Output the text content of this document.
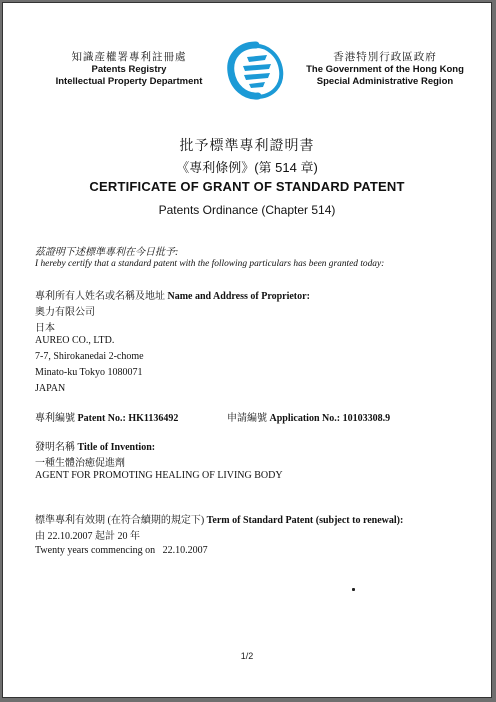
知識產權署專利註冊處
Patents Registry
Intellectual Property Department
香港特別行政區政府
The Government of the Hong Kong
Special Administrative Region
批予標準專利證明書
《專利條例》(第 514 章)
CERTIFICATE OF GRANT OF STANDARD PATENT
Patents Ordinance (Chapter 514)
茲證明下述標準專利在今日批予:
I hereby certify that a standard patent with the following particulars has been granted today:
專利所有人姓名或名稱及地址 Name and Address of Proprietor:
奧力有限公司
日本
AUREO CO., LTD.
7-7, Shirokanedai 2-chome
Minato-ku Tokyo 1080071
JAPAN
專利編號 Patent No.: HK1136492	申請編號 Application No.: 10103308.9
發明名稱 Title of Invention:
一種生體治癒促進劑
AGENT FOR PROMOTING HEALING OF LIVING BODY
標準專利有效期 (在符合續期的規定下) Term of Standard Patent (subject to renewal):
由 22.10.2007 起計 20 年
Twenty years commencing on 22.10.2007
1/2
